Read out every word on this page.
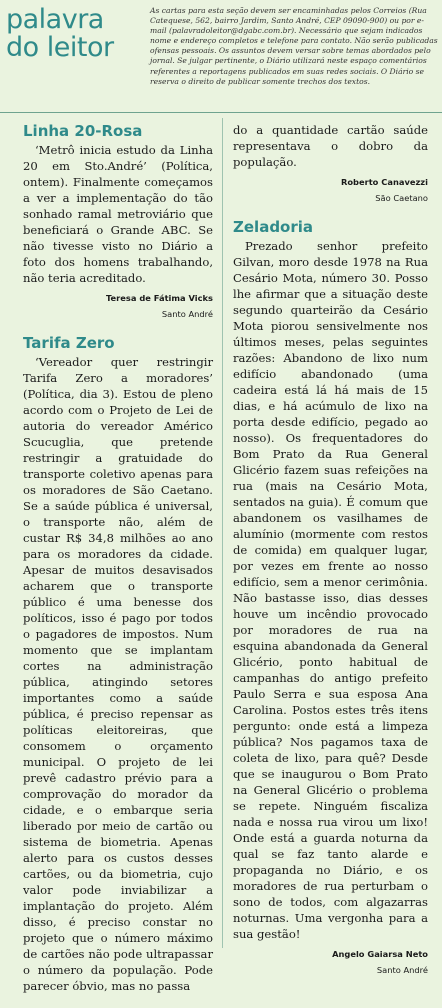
palavra
do leitor
As cartas para esta seção devem ser encaminhadas pelos Correios (Rua Catequese, 562, bairro Jardim, Santo André, CEP 09090-900) ou por e-mail (palavradoleitor@dgabc.com.br). Necessário que sejam indicados nome e endereço completos e telefone para contato. Não serão publicadas ofensas pessoais. Os assuntos devem versar sobre temas abordados pelo jornal. Se julgar pertinente, o Diário utilizará neste espaço comentários referentes a reportagens publicados em suas redes sociais. O Diário se reserva o direito de publicar somente trechos dos textos.
Linha 20-Rosa

‘Metrô inicia estudo da Linha 20 em Sto.André’ (Política, ontem). Finalmente começamos a ver a implementação do tão sonhado ramal metroviário que beneficiará o Grande ABC. Se não tivesse visto no Diário a foto dos homens trabalhando, não teria acreditado.

Teresa de Fátima Vicks
Santo André
Tarifa Zero

‘Vereador quer restringir Tarifa Zero a moradores’ (Política, dia 3). Estou de pleno acordo com o Projeto de Lei de autoria do vereador Américo Scucuglia, que pretende restringir a gratuidade do transporte coletivo apenas para os moradores de São Caetano. Se a saúde pública é universal, o transporte não, além de custar R$ 34,8 milhões ao ano para os moradores da cidade. Apesar de muitos desavisados acharem que o transporte público é uma benesse dos políticos, isso é pago por todos o pagadores de impostos. Num momento que se implantam cortes na administração pública, atingindo setores importantes como a saúde pública, é preciso repensar as políticas eleitoreiras, que consomem o orçamento municipal. O projeto de lei prevê cadastro prévio para a comprovação do morador da cidade, e o embarque seria liberado por meio de cartão ou sistema de biometria. Apenas alerto para os custos desses cartões, ou da biometria, cujo valor pode inviabilizar a implantação do projeto. Além disso, é preciso constar no projeto que o número máximo de cartões não pode ultrapassar o número da população. Pode parecer óbvio, mas no passa

do a quantidade cartão saúde representava o dobro da população.

Roberto Canavezzi
São Caetano
Zeladoria

Prezado senhor prefeito Gilvan, moro desde 1978 na Rua Cesário Mota, número 30. Posso lhe afirmar que a situação deste segundo quarteirão da Cesário Mota piorou sensivelmente nos últimos meses, pelas seguintes razões: Abandono de lixo num edifício abandonado (uma cadeira está lá há mais de 15 dias, e há acúmulo de lixo na porta desde edifício, pegado ao nosso). Os frequentadores do Bom Prato da Rua General Glicério fazem suas refeições na rua (mais na Cesário Mota, sentados na guia). É comum que abandonem os vasilhames de alumínio (mormente com restos de comida) em qualquer lugar, por vezes em frente ao nosso edifício, sem a menor cerimônia. Não bastasse isso, dias desses houve um incêndio provocado por moradores de rua na esquina abandonada da General Glicério, ponto habitual de campanhas do antigo prefeito Paulo Serra e sua esposa Ana Carolina. Postos estes três itens pergunto: onde está a limpeza pública? Nos pagamos taxa de coleta de lixo, para quê? Desde que se inaugurou o Bom Prato na General Glicério o problema se repete. Ninguém fiscaliza nada e nossa rua virou um lixo! Onde está a guarda noturna da qual se faz tanto alarde e propaganda no Diário, e os moradores de rua perturbam o sono de todos, com algazarras noturnas. Uma vergonha para a sua gestão!

Angelo Gaiarsa Neto
Santo André
